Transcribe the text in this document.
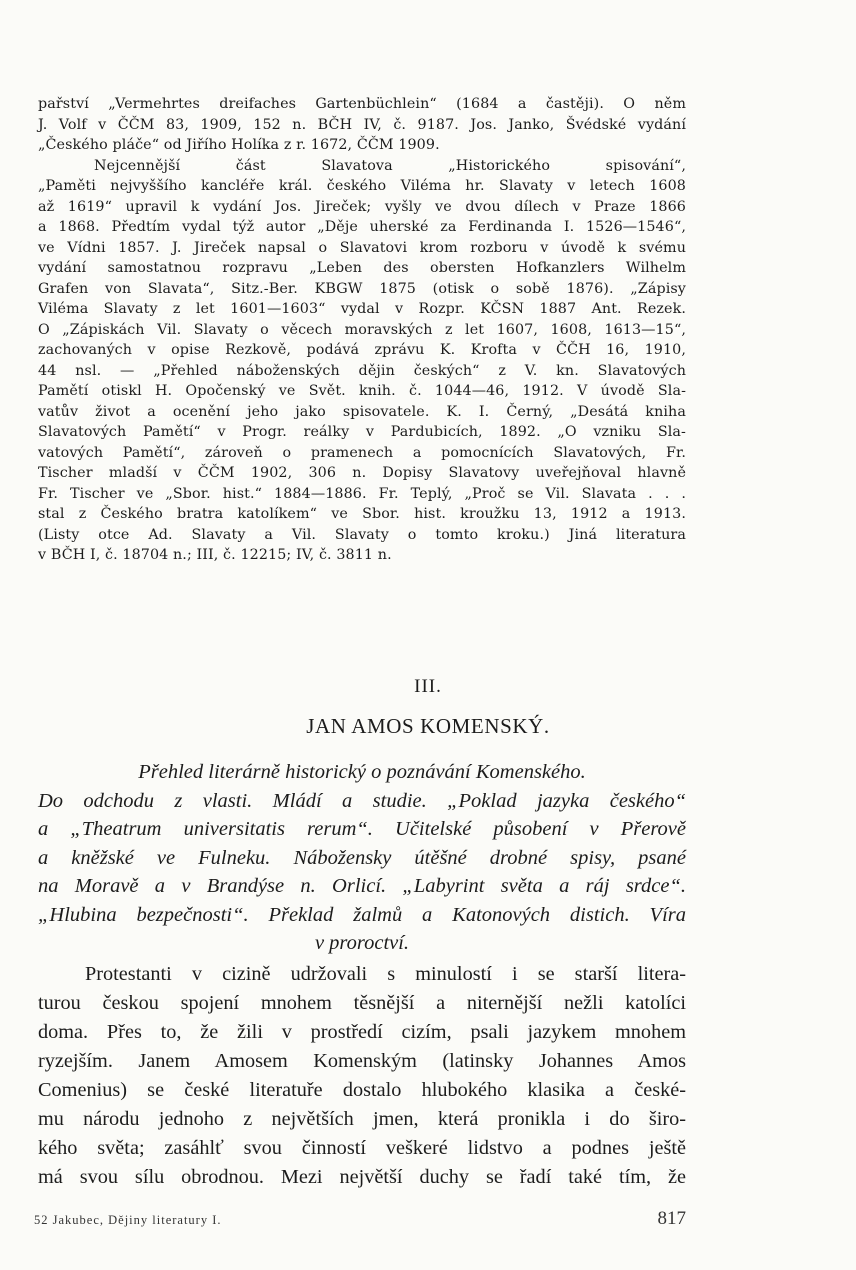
pařství „Vermehrtes dreifaches Gartenbüchlein“ (1684 a častěji). O něm
J. Volf v ČČM 83, 1909, 152 n. BČH IV, č. 9187. Jos. Janko, Švédské vydání
„Českého pláče“ od Jiřího Holíka z r. 1672, ČČM 1909.

Nejcennější část Slavatova „Historického spisování“,
„Paměti nejvyššího kancléře král. českého Viléma hr. Slavaty v letech 1608
až 1619“ upravil k vydání Jos. Jireček; vyšly ve dvou dílech v Praze 1866
a 1868. Předtím vydal týž autor „Děje uherské za Ferdinanda I. 1526—1546“,
ve Vídni 1857. J. Jireček napsal o Slavatovi krom rozboru v úvodě k svému
vydání samostatnou rozpravu „Leben des obersten Hofkanzlers Wilhelm
Grafen von Slavata“, Sitz.-Ber. KBGW 1875 (otisk o sobě 1876). „Zápisy
Viléma Slavaty z let 1601—1603“ vydal v Rozpr. KČSN 1887 Ant. Rezek.
O „Zápiskách Vil. Slavaty o věcech moravských z let 1607, 1608, 1613—15“,
zachovaných v opise Rezkově, podává zprávu K. Krofta v ČČH 16, 1910,
44 nsl. — „Přehled náboženských dějin českých“ z V. kn. Slavatových
Pamětí otiskl H. Opočenský ve Svět. knih. č. 1044—46, 1912. V úvodě Sla-
vatův život a ocenění jeho jako spisovatele. K. I. Černý, „Desátá kniha
Slavatových Pamětí“ v Progr. reálky v Pardubicích, 1892. „O vzniku Sla-
vatových Pamětí“, zároveň o pramenech a pomocnících Slavatových, Fr.
Tischer mladší v ČČM 1902, 306 n. Dopisy Slavatovy uveřejňoval hlavně
Fr. Tischer ve „Sbor. hist.“ 1884—1886. Fr. Teplý, „Proč se Vil. Slavata . . .
stal z Českého bratra katolíkem“ ve Sbor. hist. kroužku 13, 1912 a 1913.
(Listy otce Ad. Slavaty a Vil. Slavaty o tomto kroku.) Jiná literatura
v BČH I, č. 18704 n.; III, č. 12215; IV, č. 3811 n.

III.
JAN AMOS KOMENSKÝ.
Přehled literárně historický o poznávání Komenského.
Do odchodu z vlasti. Mládí a studie. „Poklad jazyka českého“
a „Theatrum universitatis rerum“. Učitelské působení v Přerově
a kněžské ve Fulneku. Nábožensky útěšné drobné spisy, psané
na Moravě a v Brandýse n. Orlicí. „Labyrint světa a ráj srdce“.
„Hlubina bezpečnosti“. Překlad žalmů a Katonových distich. Víra
v proroctví.
Protestanti v cizině udržovali s minulostí i se starší litera-
turou českou spojení mnohem těsnější a niternější nežli katolíci
doma. Přes to, že žili v prostředí cizím, psali jazykem mnohem
ryzejším. Janem Amosem Komenským (latinsky Johannes Amos
Comenius) se české literatuře dostalo hlubokého klasika a české-
mu národu jednoho z největších jmen, která pronikla i do širo-
kého světa; zasáhlť svou činností veškeré lidstvo a podnes ještě
má svou sílu obrodnou. Mezi největší duchy se řadí také tím, že
52 Jakubec, Dějiny literatury I.	817
